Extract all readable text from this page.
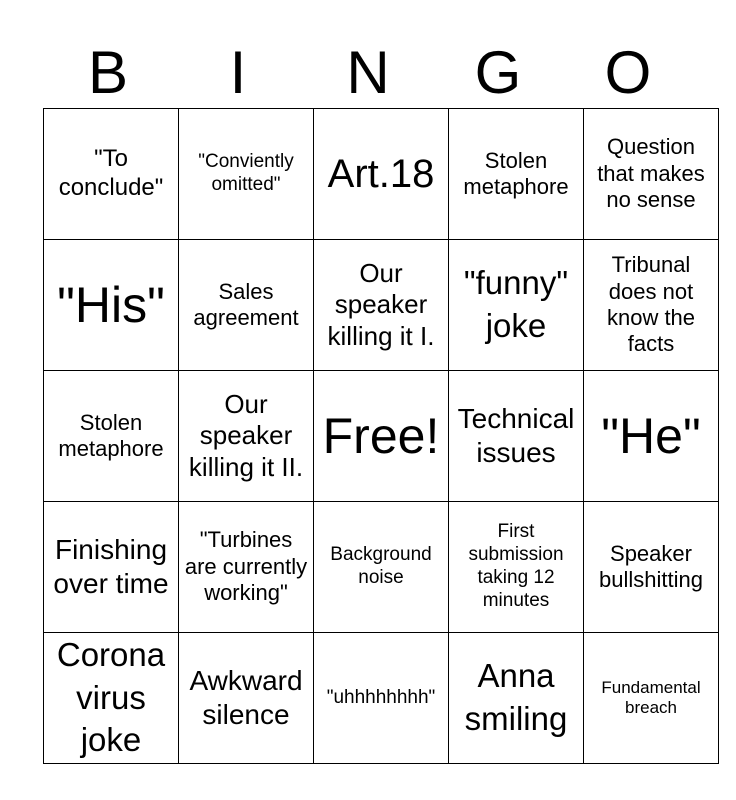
B	I	N	G	O
"To conclude"	"Conviently omitted"	Art.18	Stolen metaphore	Question that makes no sense
"His"	Sales agreement	Our speaker killing it I.	"funny" joke	Tribunal does not know the facts
Stolen metaphore	Our speaker killing it II.	Free!	Technical issues	"He"
Finishing over time	"Turbines are currently working"	Background noise	First submission taking 12 minutes	Speaker bullshitting
Corona virus joke	Awkward silence	"uhhhhhhhh"	Anna smiling	Fundamental breach
